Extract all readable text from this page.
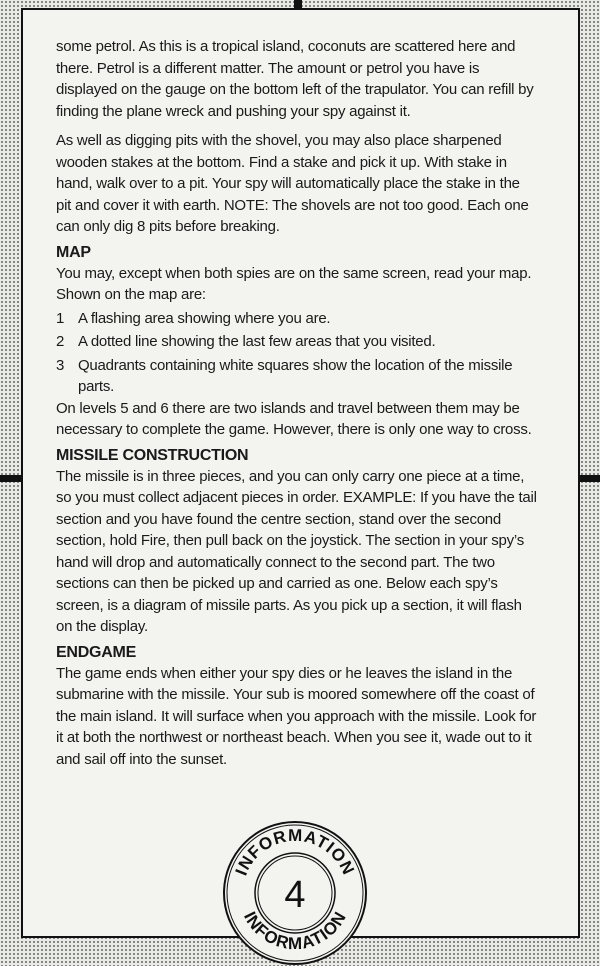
some petrol. As this is a tropical island, coconuts are scattered here and there. Petrol is a different matter. The amount or petrol you have is displayed on the gauge on the bottom left of the trapulator. You can refill by finding the plane wreck and pushing your spy against it.

As well as digging pits with the shovel, you may also place sharpened wooden stakes at the bottom. Find a stake and pick it up. With stake in hand, walk over to a pit. Your spy will automatically place the stake in the pit and cover it with earth. NOTE: The shovels are not too good. Each one can only dig 8 pits before breaking.

MAP

You may, except when both spies are on the same screen, read your map. Shown on the map are:

1 A flashing area showing where you are.
2 A dotted line showing the last few areas that you visited.
3 Quadrants containing white squares show the location of the missile parts.

On levels 5 and 6 there are two islands and travel between them may be necessary to complete the game. However, there is only one way to cross.

MISSILE CONSTRUCTION

The missile is in three pieces, and you can only carry one piece at a time, so you must collect adjacent pieces in order. EXAMPLE: If you have the tail section and you have found the centre section, stand over the second section, hold Fire, then pull back on the joystick. The section in your spy’s hand will drop and automatically connect to the second part. The two sections can then be picked up and carried as one. Below each spy’s screen, is a diagram of missile parts. As you pick up a section, it will flash on the display.

ENDGAME

The game ends when either your spy dies or he leaves the island in the submarine with the missile. Your sub is moored somewhere off the coast of the main island. It will surface when you approach with the missile. Look for it at both the northwest or northeast beach. When you see it, wade out to it and sail off into the sunset.

INFORMATION
INFORMATION
4
